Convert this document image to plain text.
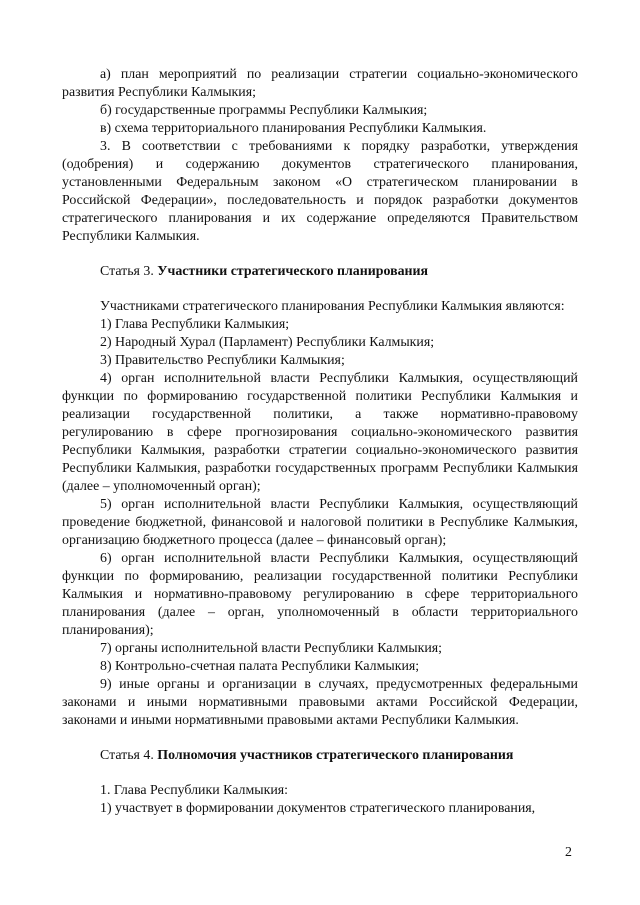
а) план мероприятий по реализации стратегии социально-экономического развития Республики Калмыкия;

б) государственные программы Республики Калмыкия;

в) схема территориального планирования Республики Калмыкия.

3. В соответствии с требованиями к порядку разработки, утверждения (одобрения) и содержанию документов стратегического планирования, установленными Федеральным законом «О стратегическом планировании в Российской Федерации», последовательность и порядок разработки документов стратегического планирования и их содержание определяются Правительством Республики Калмыкия.

Статья 3. Участники стратегического планирования

Участниками стратегического планирования Республики Калмыкия являются:

1) Глава Республики Калмыкия;

2) Народный Хурал (Парламент) Республики Калмыкия;

3) Правительство Республики Калмыкия;

4) орган исполнительной власти Республики Калмыкия, осуществляющий функции по формированию государственной политики Республики Калмыкия и реализации государственной политики, а также нормативно-правовому регулированию в сфере прогнозирования социально-экономического развития Республики Калмыкия, разработки стратегии социально-экономического развития Республики Калмыкия, разработки государственных программ Республики Калмыкия (далее – уполномоченный орган);

5) орган исполнительной власти Республики Калмыкия, осуществляющий проведение бюджетной, финансовой и налоговой политики в Республике Калмыкия, организацию бюджетного процесса (далее – финансовый орган);

6) орган исполнительной власти Республики Калмыкия, осуществляющий функции по формированию, реализации государственной политики Республики Калмыкия и нормативно-правовому регулированию в сфере территориального планирования (далее – орган, уполномоченный в области территориального планирования);

7) органы исполнительной власти Республики Калмыкия;

8) Контрольно-счетная палата Республики Калмыкия;

9) иные органы и организации в случаях, предусмотренных федеральными законами и иными нормативными правовыми актами Российской Федерации, законами и иными нормативными правовыми актами Республики Калмыкия.

Статья 4. Полномочия участников стратегического планирования

1. Глава Республики Калмыкия:

1) участвует в формировании документов стратегического планирования,

2
